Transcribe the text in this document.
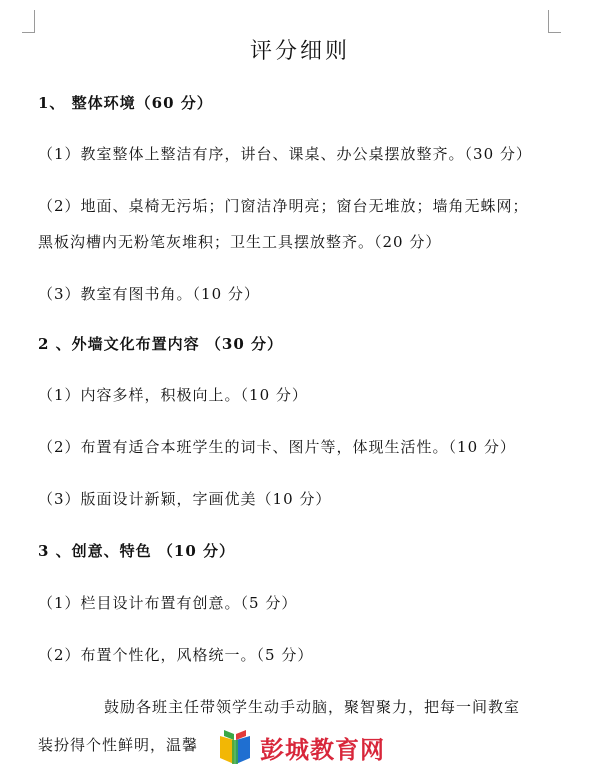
评分细则
1、 整体环境（60 分）
（1）教室整体上整洁有序，讲台、课桌、办公桌摆放整齐。（30 分）
（2）地面、桌椅无污垢；门窗洁净明亮；窗台无堆放；墙角无蛛网；
黑板沟槽内无粉笔灰堆积；卫生工具摆放整齐。（20 分）
（3）教室有图书角。（10 分）
2 、外墙文化布置内容 （30 分）
（1）内容多样，积极向上。（10 分）
（2）布置有适合本班学生的词卡、图片等，体现生活性。（10 分）
（3）版面设计新颖，字画优美（10 分）
3 、创意、特色 （10 分）
（1）栏目设计布置有创意。（5 分）
（2）布置个性化，风格统一。（5 分）
鼓励各班主任带领学生动手动脑，聚智聚力，把每一间教室
装扮得个性鲜明，温馨	彭城教育网
